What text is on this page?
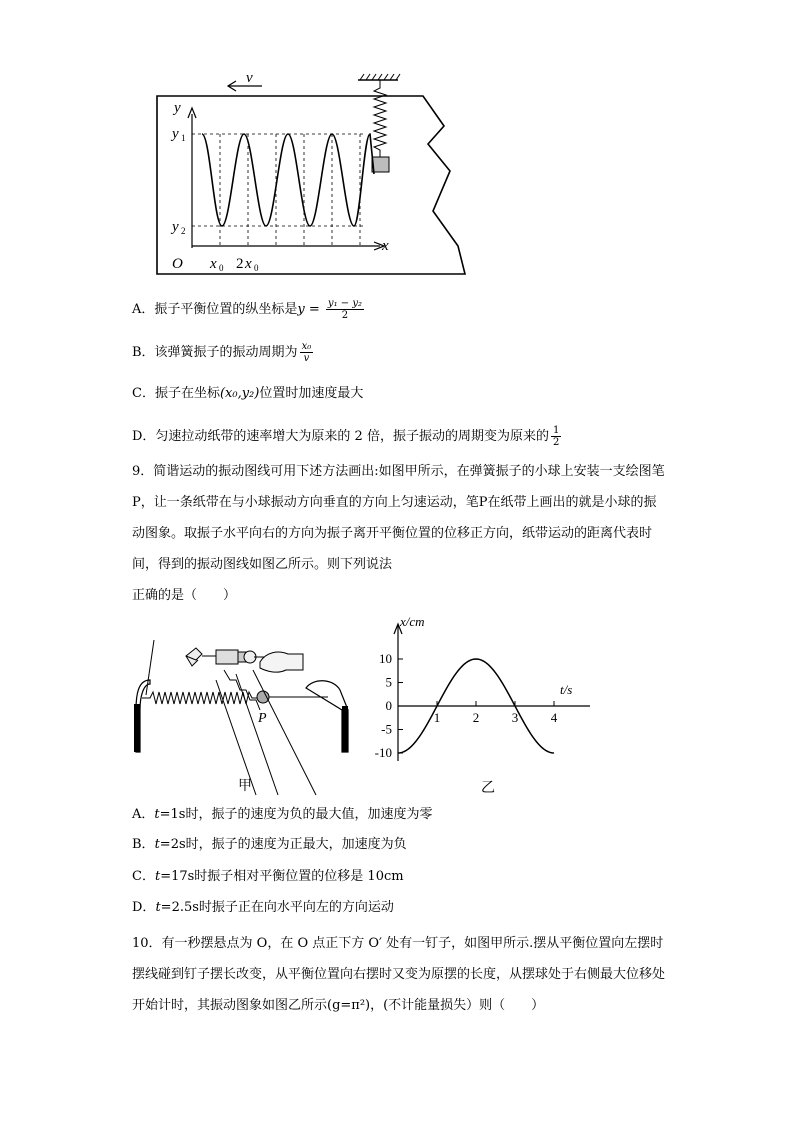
v
y
x
y 1
y 2
O x 0 2 x 0
A．振子平衡位置的纵坐标是$y = \frac{\text{y₁ − y₂}}{2}$
B．该弹簧振子的振动周期为 $\frac{\text{x₀}}{v}$
C．振子在坐标(x₀,y₂)位置时加速度最大
D．匀速拉动纸带的速率增大为原来的 2 倍，振子振动的周期变为原来的 $\frac{1}{2}$
9．简谐运动的振动图线可用下述方法画出:如图甲所示，在弹簧振子的小球上安装一支绘图笔P，让一条纸带在与小球振动方向垂直的方向上匀速运动，笔P在纸带上画出的就是小球的振动图象。取振子水平向右的方向为振子离开平衡位置的位移正方向，纸带运动的距离代表时间，得到的振动图线如图乙所示。则下列说法
正确的是（　　）
P
甲
10
5
0
-5
-10
1	2	3	4
x/cm
t/s
乙
A．t=1s时，振子的速度为负的最大值，加速度为零
B．t=2s时，振子的速度为正最大，加速度为负
C．t=17s时振子相对平衡位置的位移是 10cm
D．t=2.5s时振子正在向水平向左的方向运动
10．有一秒摆悬点为 O，在 O 点正下方 O′ 处有一钉子，如图甲所示.摆从平衡位置向左摆时摆线碰到钉子摆长改变，从平衡位置向右摆时又变为原摆的长度，从摆球处于右侧最大位移处开始计时，其振动图象如图乙所示(g=π²)，(不计能量损失）则（　　）
